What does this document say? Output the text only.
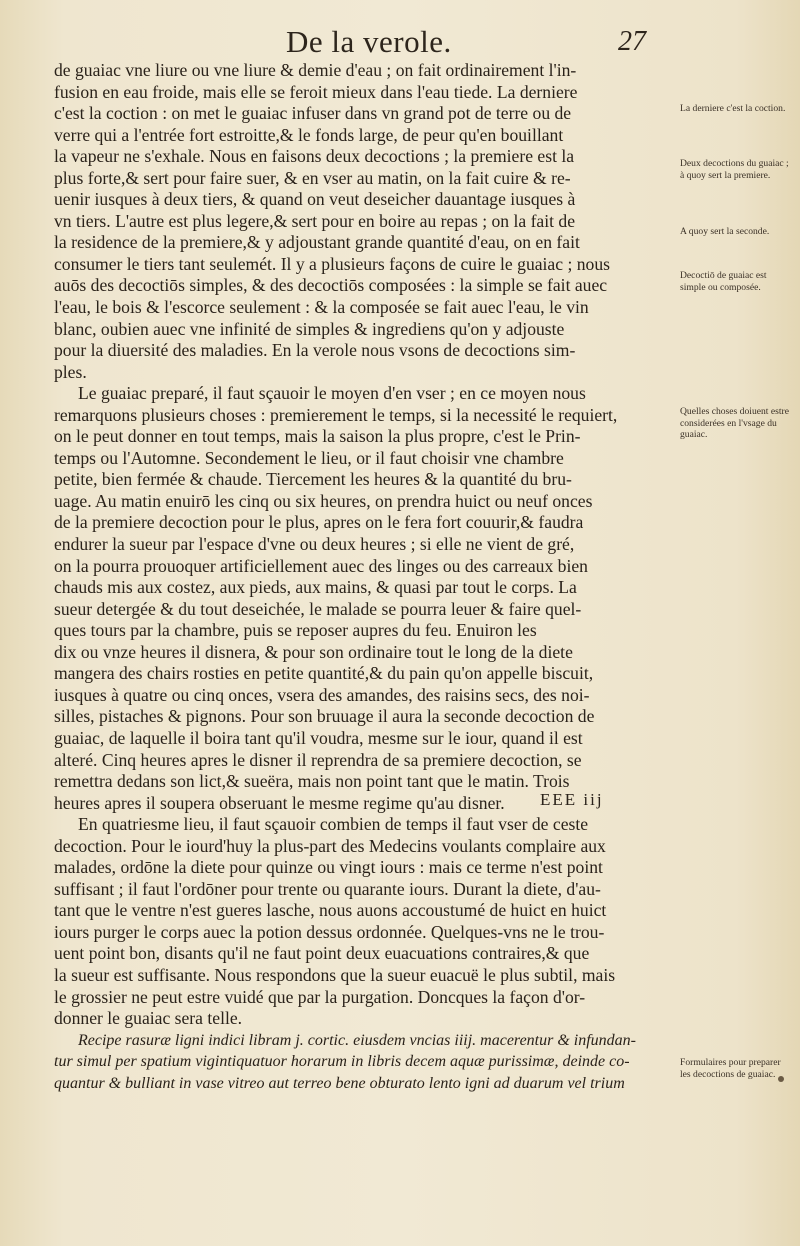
De la verole.	27
de guaiac vne liure ou vne liure & demie d'eau ; on fait ordinairement l'in-
fusion en eau froide, mais elle se feroit mieux dans l'eau tiede. La derniere
c'est la coction : on met le guaiac infuser dans vn grand pot de terre ou de
verre qui a l'entrée fort estroitte,& le fonds large, de peur qu'en bouillant
la vapeur ne s'exhale. Nous en faisons deux decoctions ; la premiere est la
plus forte,& sert pour faire suer, & en vser au matin, on la fait cuire & re-
uenir iusques à deux tiers, & quand on veut deseicher dauantage iusques à
vn tiers. L'autre est plus legere,& sert pour en boire au repas ; on la fait de
la residence de la premiere,& y adjoustant grande quantité d'eau, on en fait
consumer le tiers tant seulemét. Il y a plusieurs façons de cuire le guaiac ; nous
auōs des decoctiōs simples, & des decoctiōs composées : la simple se fait auec
l'eau, le bois & l'escorce seulement : & la composée se fait auec l'eau, le vin
blanc, oubien auec vne infinité de simples & ingrediens qu'on y adjouste
pour la diuersité des maladies. En la verole nous vsons de decoctions sim-
ples.
Le guaiac preparé, il faut sçauoir le moyen d'en vser ; en ce moyen nous
remarquons plusieurs choses : premierement le temps, si la necessité le requiert,
on le peut donner en tout temps, mais la saison la plus propre, c'est le Prin-
temps ou l'Automne. Secondement le lieu, or il faut choisir vne chambre
petite, bien fermée & chaude. Tiercement les heures & la quantité du bru-
uage. Au matin enuirō les cinq ou six heures, on prendra huict ou neuf onces
de la premiere decoction pour le plus, apres on le fera fort couurir,& faudra
endurer la sueur par l'espace d'vne ou deux heures ; si elle ne vient de gré,
on la pourra prouoquer artificiellement auec des linges ou des carreaux bien
chauds mis aux costez, aux pieds, aux mains, & quasi par tout le corps. La
sueur detergée & du tout deseichée, le malade se pourra leuer & faire quel-
ques tours par la chambre, puis se reposer aupres du feu. Enuiron les
dix ou vnze heures il disnera, & pour son ordinaire tout le long de la diete
mangera des chairs rosties en petite quantité,& du pain qu'on appelle biscuit,
iusques à quatre ou cinq onces, vsera des amandes, des raisins secs, des noi-
silles, pistaches & pignons. Pour son bruuage il aura la seconde decoction de
guaiac, de laquelle il boira tant qu'il voudra, mesme sur le iour, quand il est
alteré. Cinq heures apres le disner il reprendra de sa premiere decoction, se
remettra dedans son lict,& sueëra, mais non point tant que le matin. Trois
heures apres il soupera obseruant le mesme regime qu'au disner.
En quatriesme lieu, il faut sçauoir combien de temps il faut vser de ceste
decoction. Pour le iourd'huy la plus-part des Medecins voulants complaire aux
malades, ordōne la diete pour quinze ou vingt iours : mais ce terme n'est point
suffisant ; il faut l'ordōner pour trente ou quarante iours. Durant la diete, d'au-
tant que le ventre n'est gueres lasche, nous auons accoustumé de huict en huict
iours purger le corps auec la potion dessus ordonnée. Quelques-vns ne le trou-
uent point bon, disants qu'il ne faut point deux euacuations contraires,& que
la sueur est suffisante. Nous respondons que la sueur euacuë le plus subtil, mais
le grossier ne peut estre vuidé que par la purgation. Doncques la façon d'or-
donner le guaiac sera telle.
Recipe rasuræ ligni indici libram j. cortic. eiusdem vncias iiij. macerentur & infundan-
tur simul per spatium vigintiquatuor horarum in libris decem aquæ purissimæ, deinde co-
quantur & bulliant in vase vitreo aut terreo bene obturato lento igni ad duarum vel trium
EEE iij
La derniere c'est la coction.
Deux decoctions du guaiac ; à quoy sert la premiere.
A quoy sert la seconde.
Decoctiō de guaiac est simple ou composée.
Quelles choses doiuent estre considerées en l'vsage du guaiac.
Formulaires pour preparer les decoctions de guaiac.
